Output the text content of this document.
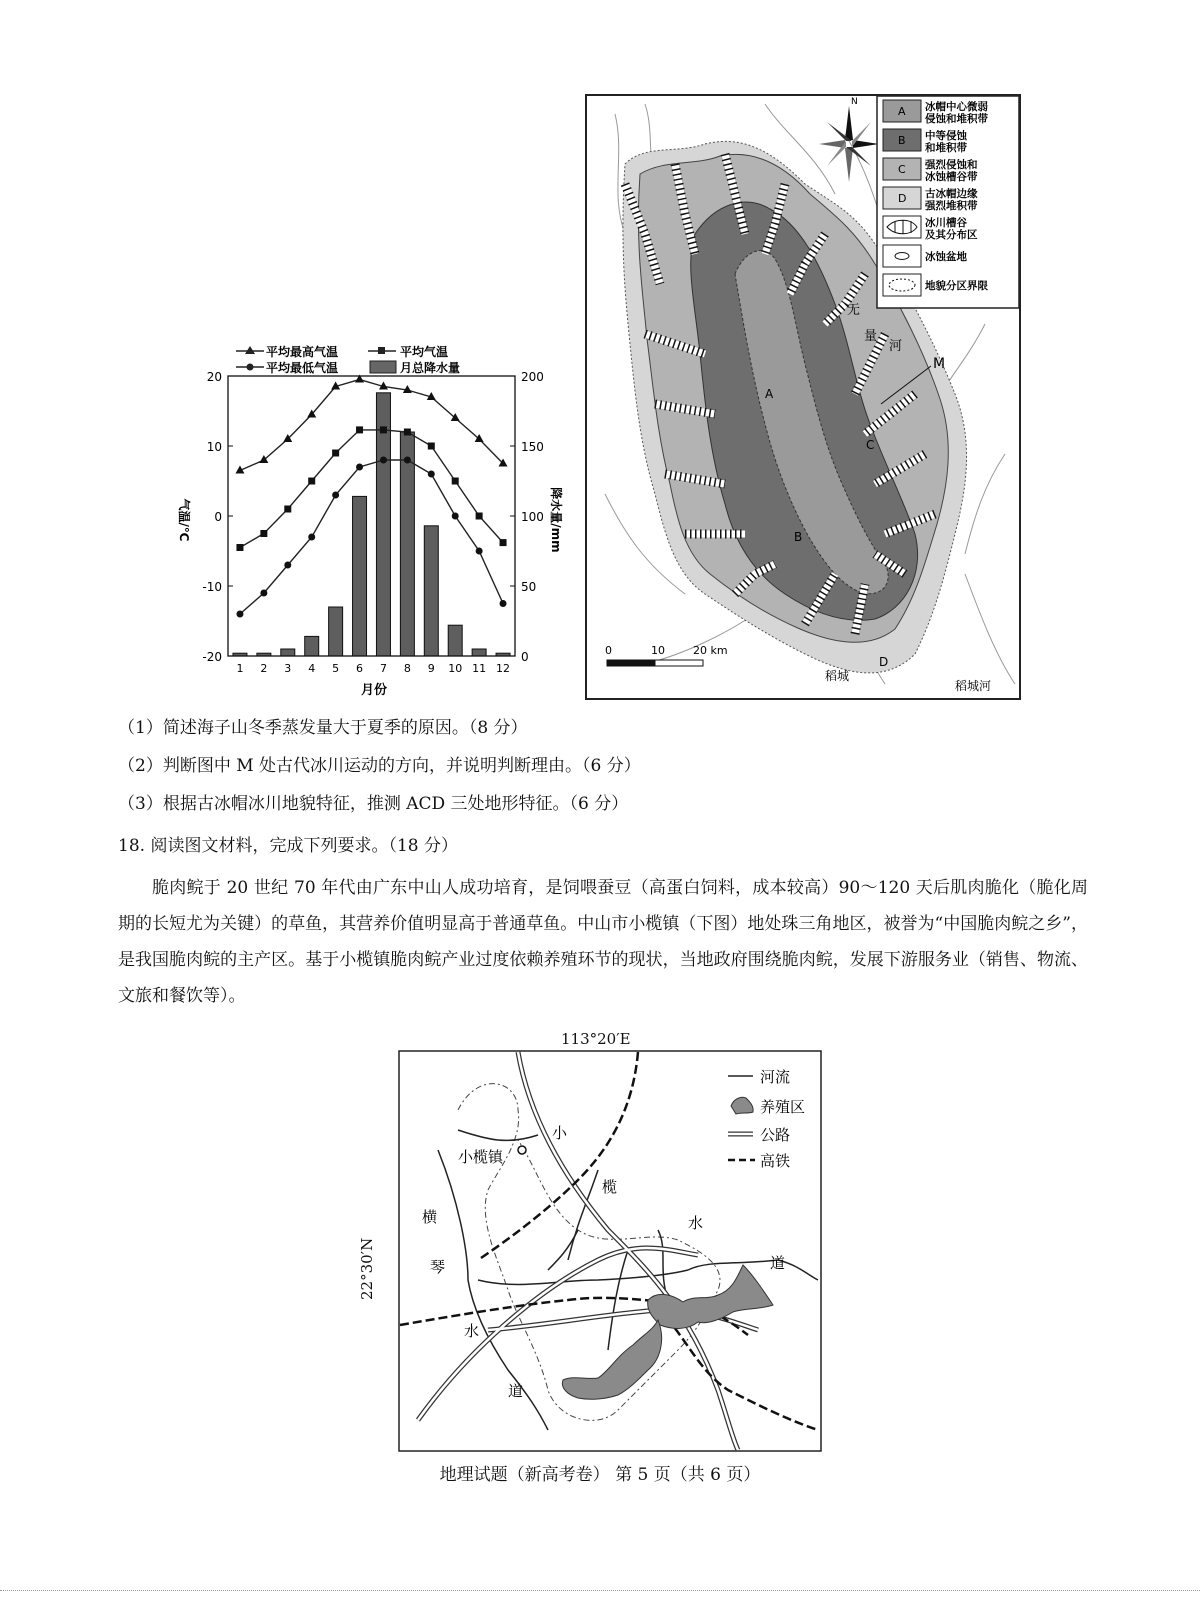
平均最高气温	平均气温
平均最低气温	月总降水量
20
10
0
-10
-20
200
150
100
50
0
1 2 3 4 5 6 7 8 9 10 11 12
气温/℃	降水量/mm
月份
A
B
C
D
M
无
量
河
稻城
稻城河
0	10	20 km
N
A 冰帽中心微弱
侵蚀和堆积带
B 中等侵蚀
和堆积带
C 强烈侵蚀和
冰蚀槽谷带
D 古冰帽边缘
强烈堆积带
冰川槽谷
及其分布区
冰蚀盆地
地貌分区界限
（1）简述海子山冬季蒸发量大于夏季的原因。（8 分）
（2）判断图中 M 处古代冰川运动的方向，并说明判断理由。（6 分）
（3）根据古冰帽冰川地貌特征，推测 ACD 三处地形特征。（6 分）
18. 阅读图文材料，完成下列要求。（18 分）
脆肉鲩于 20 世纪 70 年代由广东中山人成功培育，是饲喂蚕豆（高蛋白饲料，成本较高）90～120 天后肌肉脆化（脆化周期的长短尤为关键）的草鱼，其营养价值明显高于普通草鱼。中山市小榄镇（下图）地处珠三角地区，被誉为“中国脆肉鲩之乡”，是我国脆肉鲩的主产区。基于小榄镇脆肉鲩产业过度依赖养殖环节的现状，当地政府围绕脆肉鲩，发展下游服务业（销售、物流、文旅和餐饮等）。
113°20′E
22°30′N
小榄镇
小
榄
水
道
横
琴
水
道
河流
养殖区
公路
高铁
地理试题（新高考卷） 第 5 页（共 6 页）
